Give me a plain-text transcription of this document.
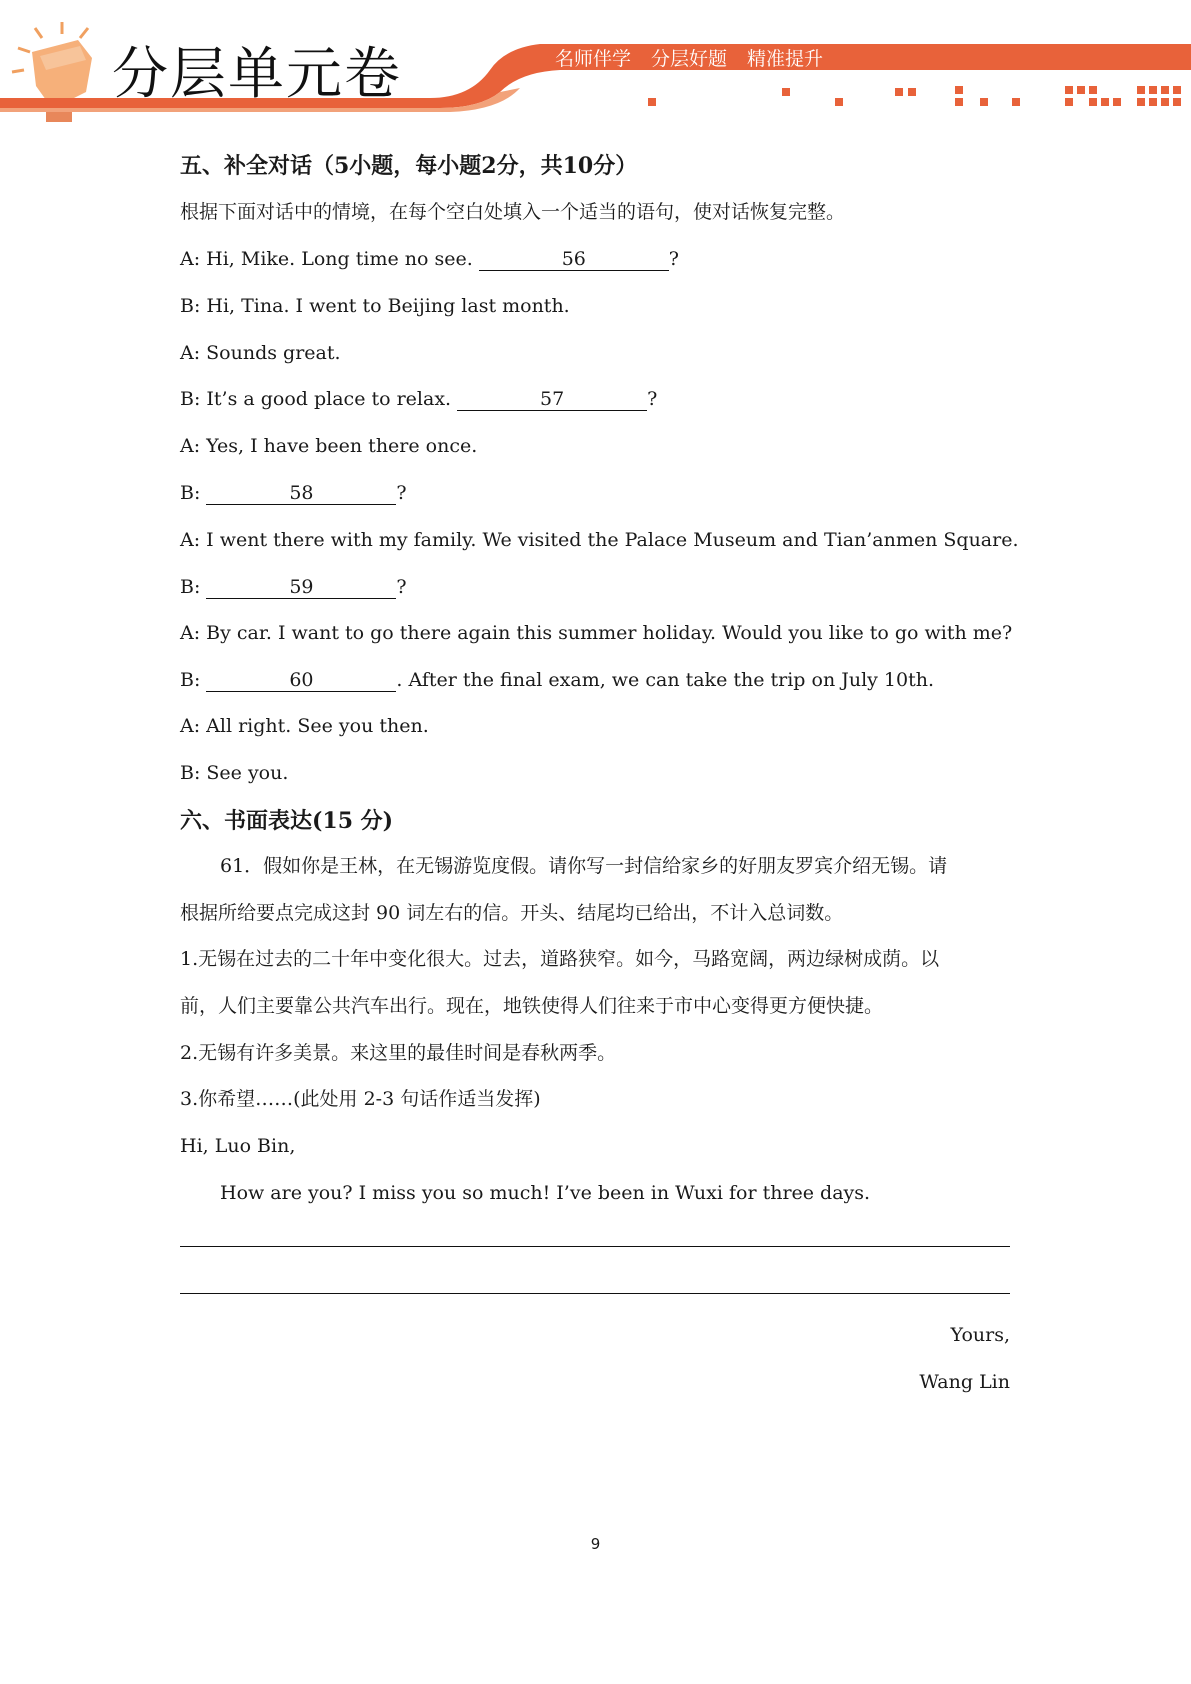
分层单元卷	名师伴学 分层好题 精准提升
五、补全对话（5小题，每小题2分，共10分）
根据下面对话中的情境，在每个空白处填入一个适当的语句，使对话恢复完整。
A: Hi, Mike. Long time no see.	56	?
B: Hi, Tina. I went to Beijing last month.
A: Sounds great.
B: It’s a good place to relax.	57	?
A: Yes, I have been there once.
B:	58	?
A: I went there with my family. We visited the Palace Museum and Tian’anmen Square.
B:	59	?
A: By car. I want to go there again this summer holiday. Would you like to go with me?
B:	60	. After the final exam, we can take the trip on July 10th.
A: All right. See you then.
B: See you.
六、书面表达(15 分)
61．假如你是王林，在无锡游览度假。请你写一封信给家乡的好朋友罗宾介绍无锡。请
根据所给要点完成这封 90 词左右的信。开头、结尾均已给出，不计入总词数。
1.无锡在过去的二十年中变化很大。过去，道路狭窄。如今，马路宽阔，两边绿树成荫。以
前，人们主要靠公共汽车出行。现在，地铁使得人们往来于市中心变得更方便快捷。
2.无锡有许多美景。来这里的最佳时间是春秋两季。
3.你希望……(此处用 2-3 句话作适当发挥)
Hi, Luo Bin,
How are you? I miss you so much! I’ve been in Wuxi for three days.
Yours,
Wang Lin
9
